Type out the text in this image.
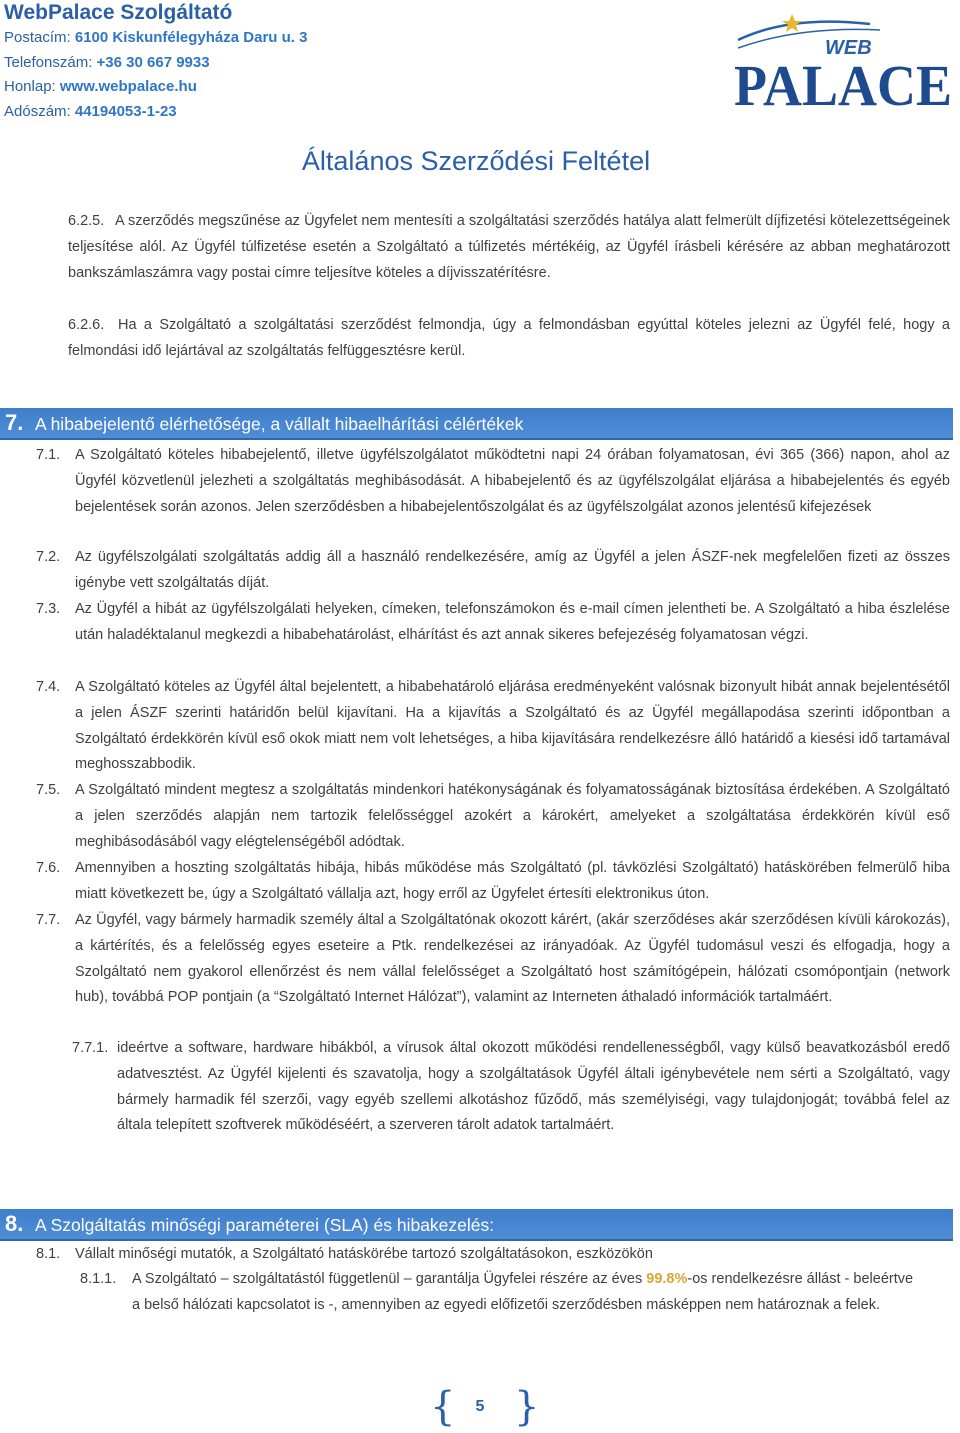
WebPalace Szolgáltató
Postacím: 6100 Kiskunfélegyháza Daru u. 3
Telefonszám: +36 30 667 9933
Honlap: www.webpalace.hu
Adószám: 44194053-1-23
WEB
PALACE
Általános Szerződési Feltétel
6.2.5. A szerződés megszűnése az Ügyfelet nem mentesíti a szolgáltatási szerződés hatálya alatt felmerült díjfizetési kötelezettségeinek teljesítése alól. Az Ügyfél túlfizetése esetén a Szolgáltató a túlfizetés mértékéig, az Ügyfél írásbeli kérésére az abban meghatározott bankszámlaszámra vagy postai címre teljesítve köteles a díjvisszatérítésre.
6.2.6. Ha a Szolgáltató a szolgáltatási szerződést felmondja, úgy a felmondásban egyúttal köteles jelezni az Ügyfél felé, hogy a felmondási idő lejártával az szolgáltatás felfüggesztésre kerül.
7. A hibabejelentő elérhetősége, a vállalt hibaelhárítási célértékek
7.1. A Szolgáltató köteles hibabejelentő, illetve ügyfélszolgálatot működtetni napi 24 órában folyamatosan, évi 365 (366) napon, ahol az Ügyfél közvetlenül jelezheti a szolgáltatás meghibásodását. A hibabejelentő és az ügyfélszolgálat eljárása a hibabejelentés és egyéb bejelentések során azonos. Jelen szerződésben a hibabejelentőszolgálat és az ügyfélszolgálat azonos jelentésű kifejezések
7.2. Az ügyfélszolgálati szolgáltatás addig áll a használó rendelkezésére, amíg az Ügyfél a jelen ÁSZF-nek megfelelően fizeti az összes igénybe vett szolgáltatás díját.
7.3. Az Ügyfél a hibát az ügyfélszolgálati helyeken, címeken, telefonszámokon és e-mail címen jelentheti be. A Szolgáltató a hiba észlelése után haladéktalanul megkezdi a hibabehatárolást, elhárítást és azt annak sikeres befejezéség folyamatosan végzi.
7.4. A Szolgáltató köteles az Ügyfél által bejelentett, a hibabehatároló eljárása eredményeként valósnak bizonyult hibát annak bejelentésétől a jelen ÁSZF szerinti határidőn belül kijavítani. Ha a kijavítás a Szolgáltató és az Ügyfél megállapodása szerinti időpontban a Szolgáltató érdekkörén kívül eső okok miatt nem volt lehetséges, a hiba kijavítására rendelkezésre álló határidő a kiesési idő tartamával meghosszabbodik.
7.5. A Szolgáltató mindent megtesz a szolgáltatás mindenkori hatékonyságának és folyamatosságának biztosítása érdekében. A Szolgáltató a jelen szerződés alapján nem tartozik felelősséggel azokért a károkért, amelyeket a szolgáltatása érdekkörén kívül eső meghibásodásából vagy elégtelenségéből adódtak.
7.6. Amennyiben a hoszting szolgáltatás hibája, hibás működése más Szolgáltató (pl. távközlési Szolgáltató) hatáskörében felmerülő hiba miatt következett be, úgy a Szolgáltató vállalja azt, hogy erről az Ügyfelet értesíti elektronikus úton.
7.7. Az Ügyfél, vagy bármely harmadik személy által a Szolgáltatónak okozott kárért, (akár szerződéses akár szerződésen kívüli károkozás), a kártérítés, és a felelősség egyes eseteire a Ptk. rendelkezései az irányadóak. Az Ügyfél tudomásul veszi és elfogadja, hogy a Szolgáltató nem gyakorol ellenőrzést és nem vállal felelősséget a Szolgáltató host számítógépein, hálózati csomópontjain (network hub), továbbá POP pontjain (a “Szolgáltató Internet Hálózat”), valamint az Interneten áthaladó információk tartalmáért.
7.7.1. ideértve a software, hardware hibákból, a vírusok által okozott működési rendellenességből, vagy külső beavatkozásból eredő adatvesztést. Az Ügyfél kijelenti és szavatolja, hogy a szolgáltatások Ügyfél általi igénybevétele nem sérti a Szolgáltató, vagy bármely harmadik fél szerzői, vagy egyéb szellemi alkotáshoz fűződő, más személyiségi, vagy tulajdonjogát; továbbá felel az általa telepített szoftverek működéséért, a szerveren tárolt adatok tartalmáért.
8. A Szolgáltatás minőségi paraméterei (SLA) és hibakezelés:
8.1. Vállalt minőségi mutatók, a Szolgáltató hatáskörébe tartozó szolgáltatásokon, eszközökön
8.1.1. A Szolgáltató – szolgáltatástól függetlenül – garantálja Ügyfelei részére az éves 99.8%-os rendelkezésre állást - beleértve a belső hálózati kapcsolatot is -, amennyiben az egyedi előfizetői szerződésben másképpen nem határoznak a felek.
{	5 }
